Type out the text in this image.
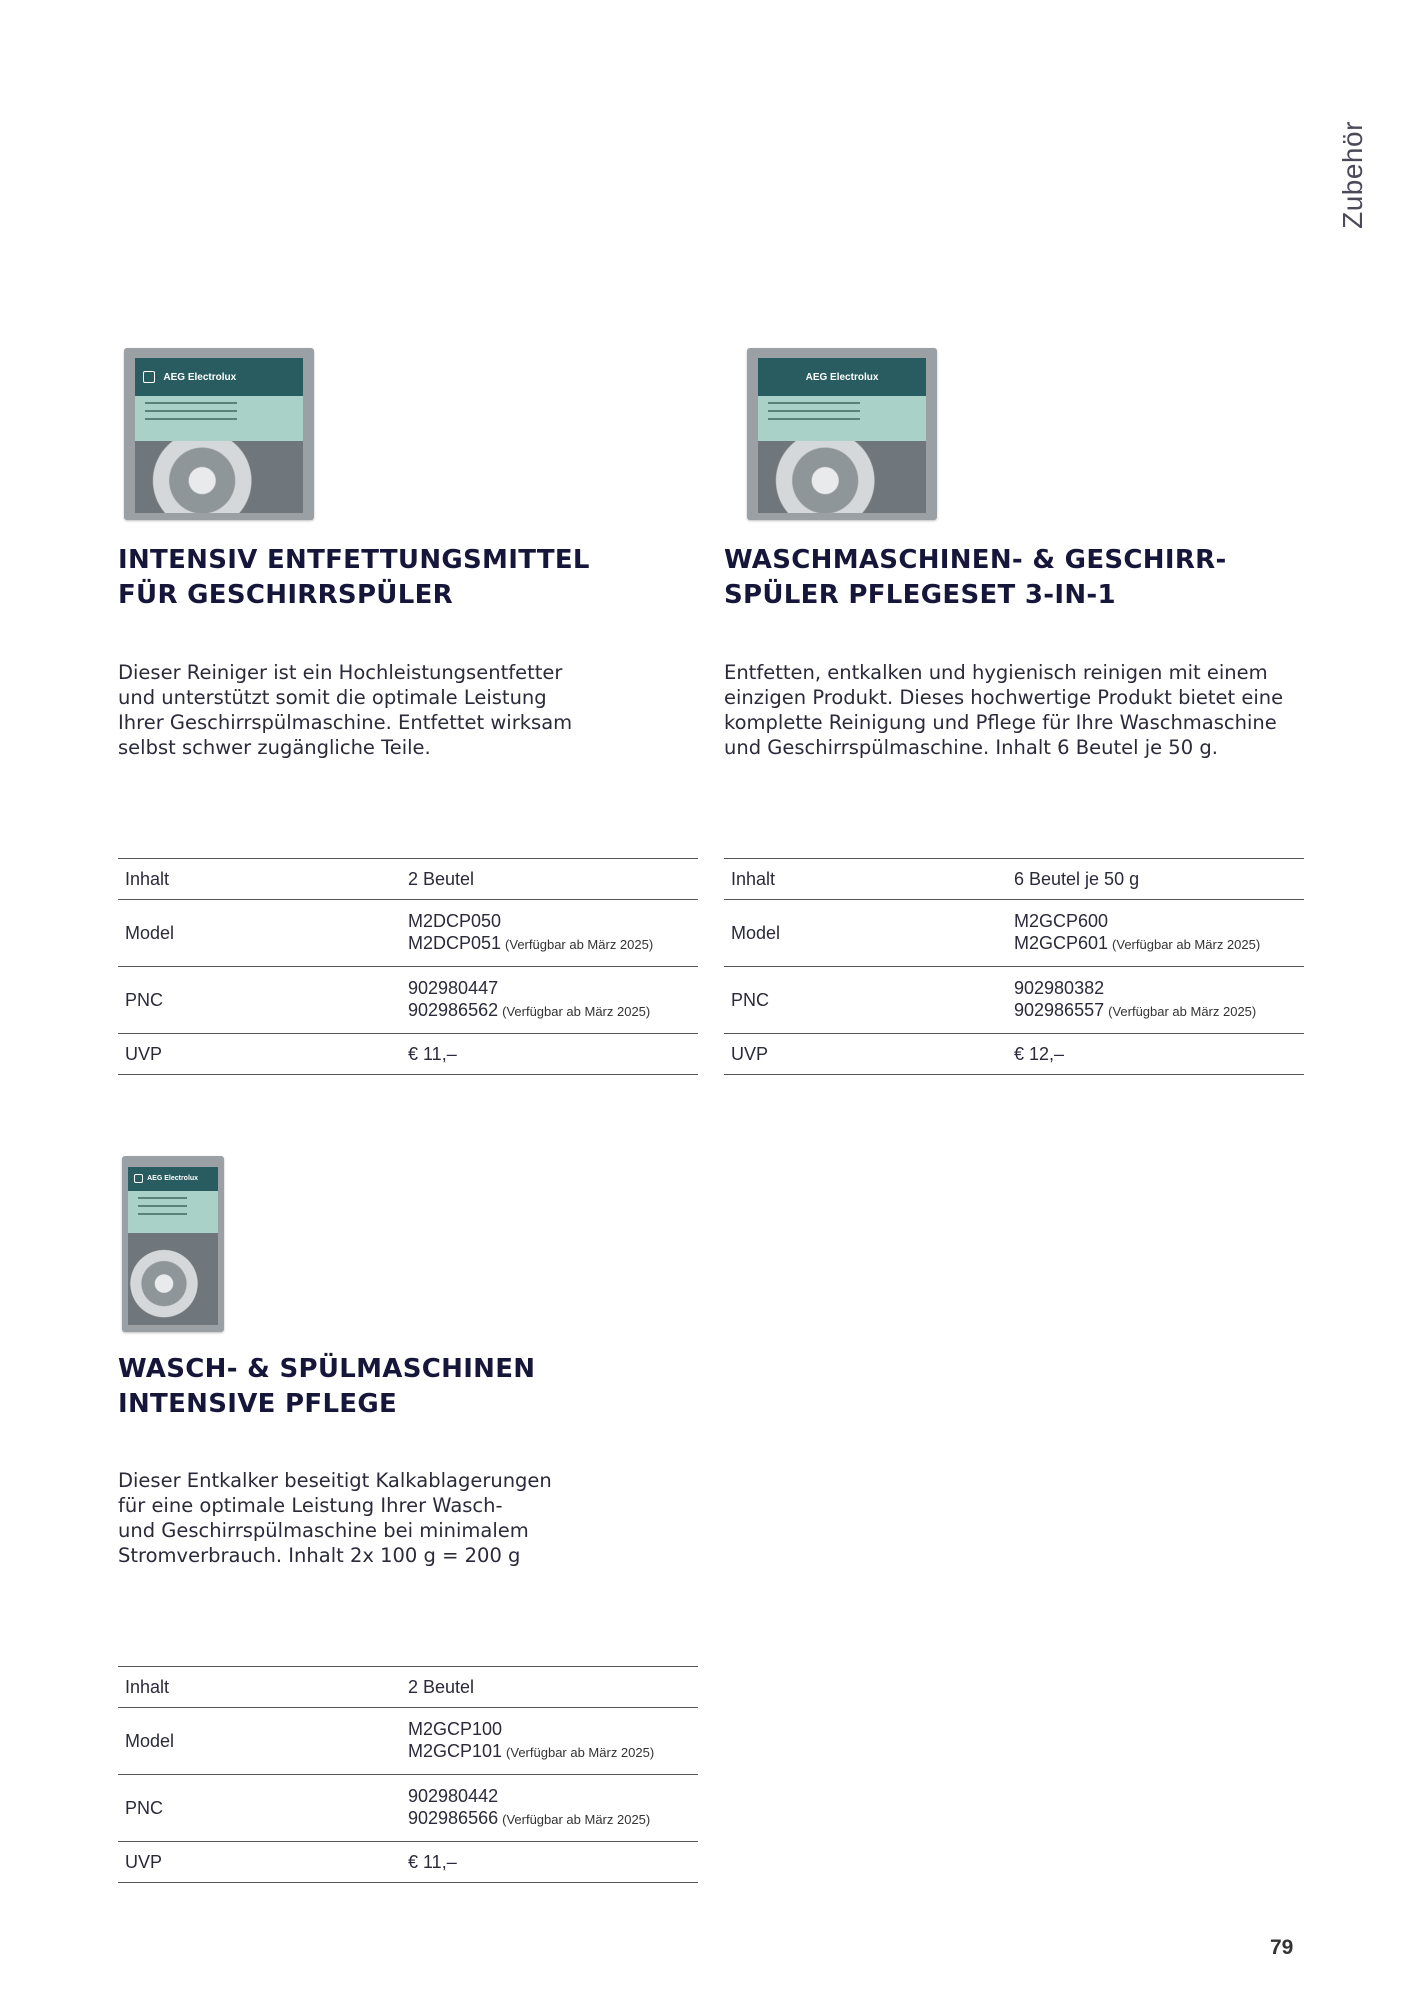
Zubehör
AEG Electrolux
INTENSIV ENTFETTUNGSMITTEL
FÜR GESCHIRRSPÜLER
Dieser Reiniger ist ein Hochleistungsentfetter
und unterstützt somit die optimale Leistung
Ihrer Geschirrspülmaschine. Entfettet wirksam
selbst schwer zugängliche Teile.
Inhalt	2 Beutel
Model	M2DCP050
M2DCP051 (Verfügbar ab März 2025)

PNC	902980447
902986562 (Verfügbar ab März 2025)

UVP	€ 11,–
AEG Electrolux
WASCHMASCHINEN- & GESCHIRR-
SPÜLER PFLEGESET 3-IN-1
Entfetten, entkalken und hygienisch reinigen mit einem
einzigen Produkt. Dieses hochwertige Produkt bietet eine
komplette Reinigung und Pflege für Ihre Waschmaschine
und Geschirrspülmaschine. Inhalt 6 Beutel je 50 g.
Inhalt	6 Beutel je 50 g
Model	M2GCP600
M2GCP601 (Verfügbar ab März 2025)

PNC	902980382
902986557 (Verfügbar ab März 2025)

UVP	€ 12,–
AEG Electrolux
WASCH- & SPÜLMASCHINEN
INTENSIVE PFLEGE
Dieser Entkalker beseitigt Kalkablagerungen
für eine optimale Leistung Ihrer Wasch-
und Geschirrspülmaschine bei minimalem
Stromverbrauch. Inhalt 2x 100 g = 200 g
Inhalt	2 Beutel
Model	M2GCP100
M2GCP101 (Verfügbar ab März 2025)

PNC	902980442
902986566 (Verfügbar ab März 2025)

UVP	€ 11,–
79
